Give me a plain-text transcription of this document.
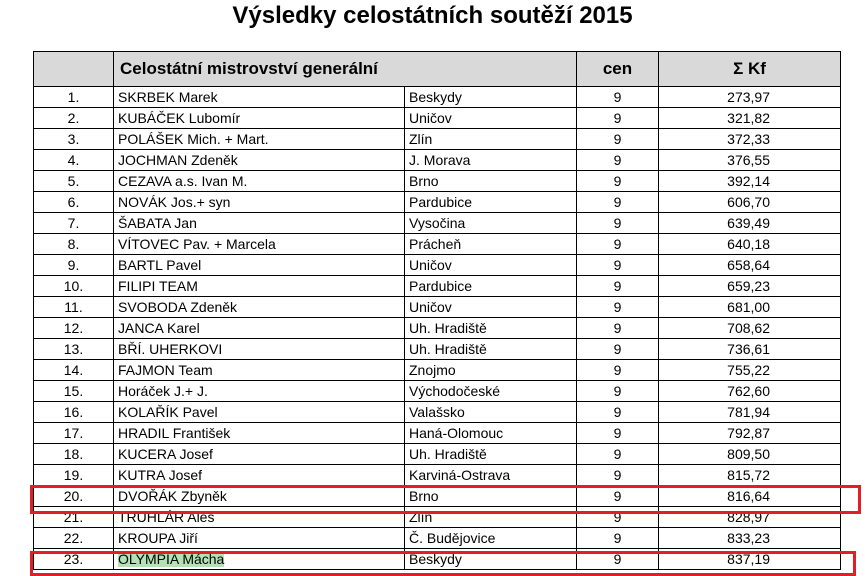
Výsledky celostátních soutěží 2015
	Celostátní mistrovství generální		cen	Σ Kf
1.	SKRBEK Marek	Beskydy	9	273,97
2.	KUBÁČEK Lubomír	Uničov	9	321,82
3.	POLÁŠEK Mich. + Mart.	Zlín	9	372,33
4.	JOCHMAN Zdeněk	J. Morava	9	376,55
5.	CEZAVA a.s. Ivan M.	Brno	9	392,14
6.	NOVÁK Jos.+ syn	Pardubice	9	606,70
7.	ŠABATA Jan	Vysočina	9	639,49
8.	VÍTOVEC Pav. + Marcela	Prácheň	9	640,18
9.	BARTL Pavel	Uničov	9	658,64
10.	FILIPI TEAM	Pardubice	9	659,23
11.	SVOBODA Zdeněk	Uničov	9	681,00
12.	JANCA Karel	Uh. Hradiště	9	708,62
13.	BŘÍ. UHERKOVI	Uh. Hradiště	9	736,61
14.	FAJMON Team	Znojmo	9	755,22
15.	Horáček J.+ J.	Východočeské	9	762,60
16.	KOLAŘÍK Pavel	Valašsko	9	781,94
17.	HRADIL František	Haná-Olomouc	9	792,87
18.	KUCERA Josef	Uh. Hradiště	9	809,50
19.	KUTRA Josef	Karviná-Ostrava	9	815,72
20.	DVOŘÁK Zbyněk	Brno	9	816,64
21.	TRUHLÁR Aleš	Zlín	9	828,97
22.	KROUPA Jiří	Č. Budějovice	9	833,23
23.	OLYMPIA Mácha	Beskydy	9	837,19
